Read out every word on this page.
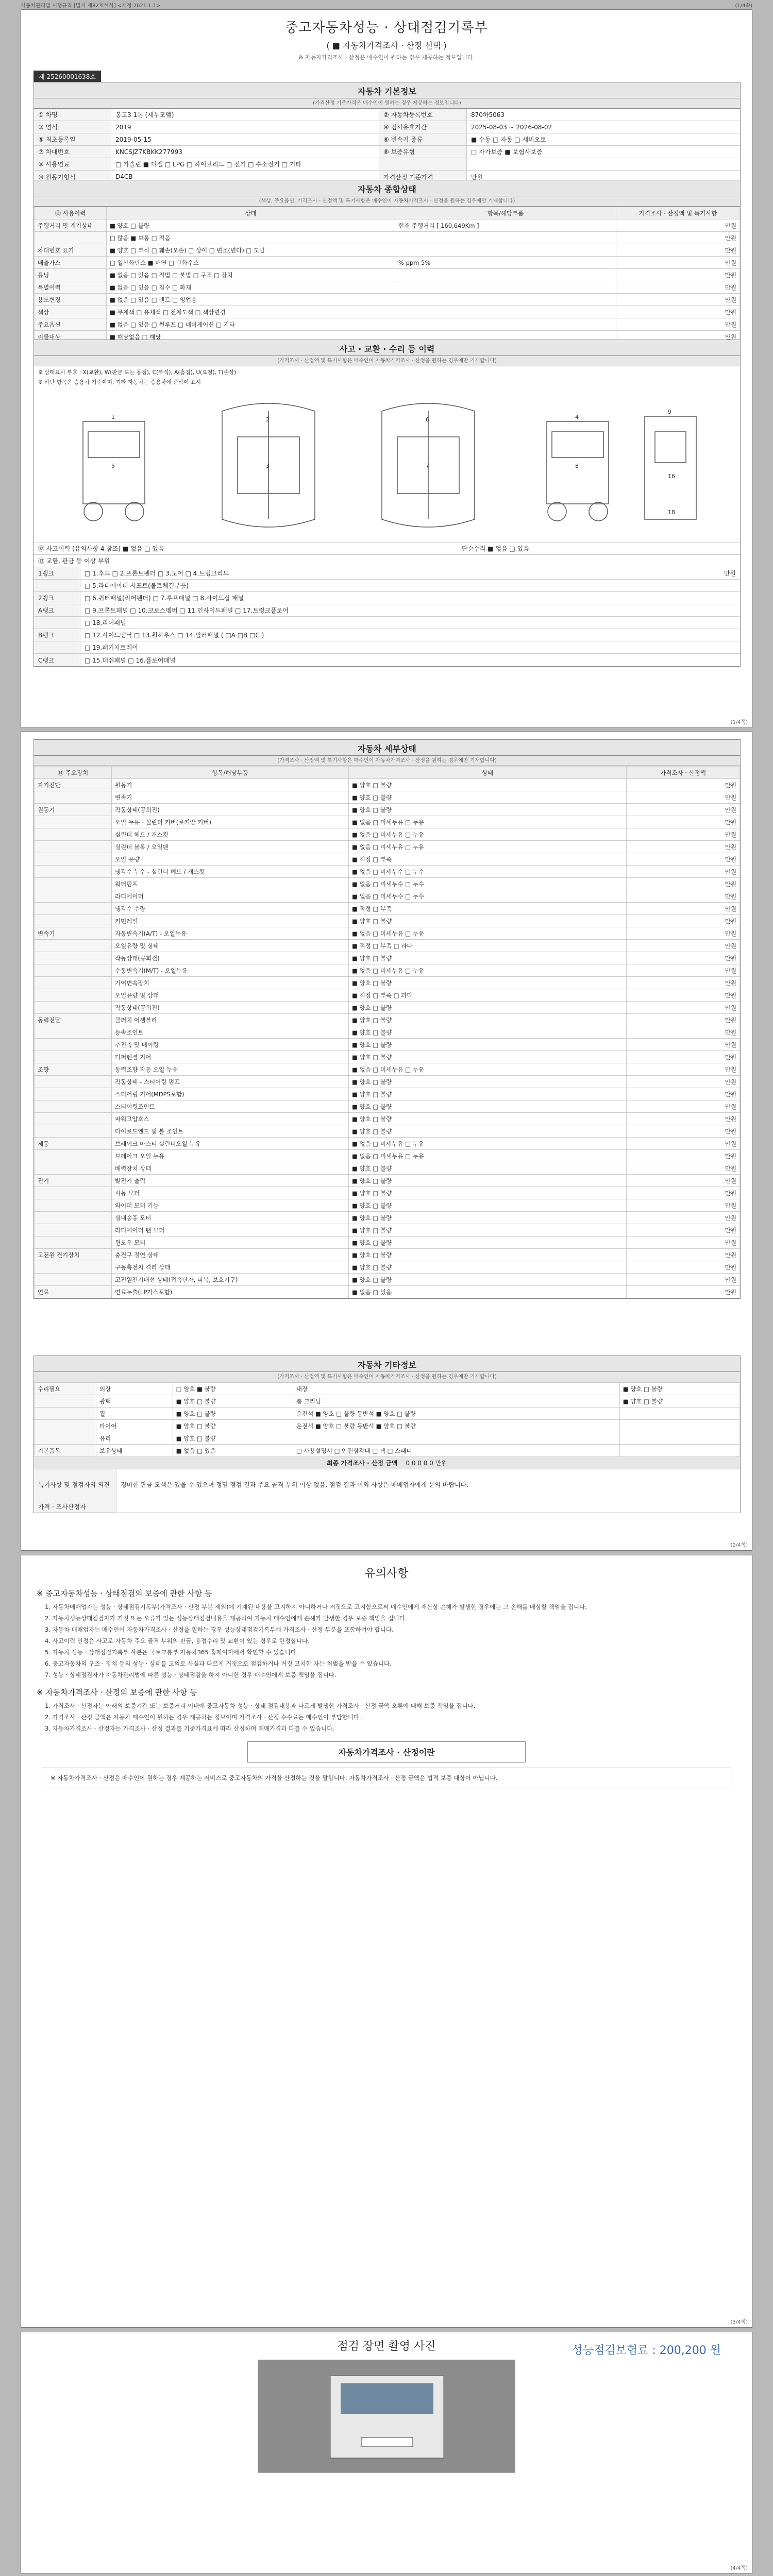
자동차관리법 시행규칙 [별지 제82호서식] <개정 2021.1.1>	(1/4쪽)
중고자동차성능 · 상태점검기록부
( ■ 자동차가격조사 · 산정 선택 )
※ 자동차가격조사 · 산정은 매수인이 원하는 경우 제공하는 정보입니다.
제 25260001638호
자동차 기본정보
(가격산정 기준가격은 매수인이 원하는 경우 제공하는 정보입니다)
① 차명	봉고3 1톤 (세부모델)	② 자동차등록번호	870하5063
③ 연식	2019	④ 검사유효기간	2025-08-03 ~ 2026-08-02
⑤ 최초등록일	2019-05-15	⑥ 변속기 종류	■ 수동 □ 자동 □ 세미오토
⑦ 차대번호	KNCSJZ7KBKK277993	⑧ 보증유형	□ 자가보증 ■ 보험사보증
⑨ 사용연료	□ 가솔린 ■ 디젤 □ LPG □ 하이브리드 □ 전기 □ 수소전기 □ 기타
⑩ 원동기형식	D4CB	가격산정 기준가격	만원
자동차 종합상태
(색상, 주요옵션, 가격조사 · 산정액 및 특기사항은 매수인이 자동차가격조사 · 산정을 원하는 경우에만 기재합니다)
⑪ 사용이력	상태	항목/해당부품	가격조사 · 산정액 및 특기사항
주행거리 및 계기상태	■ 양호 □ 불량	현재 주행거리 [ 160,649Km ]	만원
	□ 많음 ■ 보통 □ 적음		만원
차대번호 표기	■ 양호 □ 부식 □ 훼손(오손) □ 상이 □ 변조(변타) □ 도말		만원
배출가스	□ 일산화탄소 ■ 매연 □ 탄화수소	% ppm 5%	만원
튜닝	■ 없음 □ 있음 □ 적법 □ 불법 □ 구조 □ 장치		만원
특별이력	■ 없음 □ 있음 □ 침수 □ 화재		만원
용도변경	■ 없음 □ 있음 □ 렌트 □ 영업용		만원
색상	■ 무채색 □ 유채색 □ 전체도색 □ 색상변경		만원
주요옵션	■ 없음 □ 있음 □ 썬루프 □ 네비게이션 □ 기타		만원
리콜대상	■ 해당없음 □ 해당		만원
사고 · 교환 · 수리 등 이력
(가격조사 · 산정액 및 특기사항은 매수인이 자동차가격조사 · 산정을 원하는 경우에만 기재합니다)
※ 상태표시 부호 : X(교환), W(판금 또는 용접), C(부식), A(흠집), U(요철), T(손상)
※ 하단 항목은 승용차 기준이며, 기타 자동차는 승용차에 준하여 표시
1
5
2
3
6
7
4
8
9
16
18
⑫ 사고이력 (유의사항 4 참조) ■ 없음 □ 있음	단순수리 ■ 없음 □ 있음
⑬ 교환, 판금 등 이상 부위
1랭크	□ 1.후드 □ 2.프론트펜더 □ 3.도어 □ 4.트렁크리드	만원
□ 5.라디에이터 서포트(볼트체결부품)
2랭크	□ 6.쿼터패널(리어펜더) □ 7.루프패널 □ 8.사이드실 패널
A랭크	□ 9.프론트패널 □ 10.크로스멤버 □ 11.인사이드패널 □ 17.트렁크플로어
□ 18.리어패널
B랭크	□ 12.사이드멤버 □ 13.휠하우스 □ 14.필러패널 ( □A □B □C )
□ 19.패키지트레이
C랭크	□ 15.대쉬패널 □ 16.플로어패널
(1/4쪽)
자동차 세부상태
(가격조사 · 산정액 및 특기사항은 매수인이 자동차가격조사 · 산정을 원하는 경우에만 기재합니다)
⑭ 주요장치	항목/해당부품	상태	가격조사 · 산정액
자기진단	원동기	■ 양호 □ 불량	만원
	변속기	■ 양호 □ 불량	만원
원동기	작동상태(공회전)	■ 양호 □ 불량	만원
	오일 누유 - 실린더 커버(로커암 커버)	■ 없음 □ 미세누유 □ 누유	만원
	실린더 헤드 / 개스킷	■ 없음 □ 미세누유 □ 누유	만원
	실린더 블록 / 오일팬	■ 없음 □ 미세누유 □ 누유	만원
	오일 유량	■ 적정 □ 부족	만원
	냉각수 누수 - 실린더 헤드 / 개스킷	■ 없음 □ 미세누수 □ 누수	만원
	워터펌프	■ 없음 □ 미세누수 □ 누수	만원
	라디에이터	■ 없음 □ 미세누수 □ 누수	만원
	냉각수 수량	■ 적정 □ 부족	만원
	커먼레일	■ 양호 □ 불량	만원
변속기	자동변속기(A/T) - 오일누유	■ 없음 □ 미세누유 □ 누유	만원
	오일유량 및 상태	■ 적정 □ 부족 □ 과다	만원
	작동상태(공회전)	■ 양호 □ 불량	만원
	수동변속기(M/T) - 오일누유	■ 없음 □ 미세누유 □ 누유	만원
	기어변속장치	■ 양호 □ 불량	만원
	오일유량 및 상태	■ 적정 □ 부족 □ 과다	만원
	작동상태(공회전)	■ 양호 □ 불량	만원
동력전달	클러치 어셈블리	■ 양호 □ 불량	만원
	등속조인트	■ 양호 □ 불량	만원
	추진축 및 베어링	■ 양호 □ 불량	만원
	디퍼렌셜 기어	■ 양호 □ 불량	만원
조향	동력조향 작동 오일 누유	■ 없음 □ 미세누유 □ 누유	만원
	작동상태 - 스티어링 펌프	■ 양호 □ 불량	만원
	스티어링 기어(MDPS포함)	■ 양호 □ 불량	만원
	스티어링조인트	■ 양호 □ 불량	만원
	파워고압호스	■ 양호 □ 불량	만원
	타이로드엔드 및 볼 조인트	■ 양호 □ 불량	만원
제동	브레이크 마스터 실린더오일 누유	■ 없음 □ 미세누유 □ 누유	만원
	브레이크 오일 누유	■ 없음 □ 미세누유 □ 누유	만원
	배력장치 상태	■ 양호 □ 불량	만원
전기	발전기 출력	■ 양호 □ 불량	만원
	시동 모터	■ 양호 □ 불량	만원
	와이퍼 모터 기능	■ 양호 □ 불량	만원
	실내송풍 모터	■ 양호 □ 불량	만원
	라디에이터 팬 모터	■ 양호 □ 불량	만원
	윈도우 모터	■ 양호 □ 불량	만원
고전원 전기장치	충전구 절연 상태	■ 양호 □ 불량	만원
	구동축전지 격리 상태	■ 양호 □ 불량	만원
	고전원전기배선 상태(접속단자, 피복, 보호기구)	■ 양호 □ 불량	만원
연료	연료누출(LP가스포함)	■ 없음 □ 있음	만원
자동차 기타정보
(가격조사 · 산정액 및 특기사항은 매수인이 자동차가격조사 · 산정을 원하는 경우에만 기재합니다)
수리필요	외장	□ 양호 ■ 불량	내장	■ 양호 □ 불량
	광택	■ 양호 □ 불량	룸 크리닝	■ 양호 □ 불량
	휠	■ 양호 □ 불량	운전석 ■ 양호 □ 불량 동반석 ■ 양호 □ 불량	
	타이어	■ 양호 □ 불량	운전석 ■ 양호 □ 불량 동반석 ■ 양호 □ 불량	
	유리	■ 양호 □ 불량		
기본품목	보유상태	■ 없음 □ 있음	□ 사용설명서 □ 안전삼각대 □ 잭 □ 스패너	
최종 가격조사 · 산정 금액	0 0 0 0 0 만원
특기사항 및 점검자의 의견	경미한 판금 도색은 있을 수 있으며 정밀 점검 결과 주요 골격 부위 이상 없음. 점검 결과 이외 사항은 매매업자에게 문의 바랍니다.
가격 · 조사산정자
(2/4쪽)
유의사항
※ 중고자동차성능 · 상태점검의 보증에 관한 사항 등
1. 자동차매매업자는 성능 · 상태점검기록부(가격조사 · 산정 부분 제외)에 기재된 내용을 고지하지 아니하거나 거짓으로 고지함으로써 매수인에게 재산상 손해가 발생한 경우에는 그 손해를 배상할 책임을 집니다.
2. 자동차성능상태점검자가 거짓 또는 오류가 있는 성능상태점검내용을 제공하여 자동차 매수인에게 손해가 발생한 경우 보증 책임을 집니다.
3. 자동차 매매업자는 매수인이 자동차가격조사 · 산정을 원하는 경우 성능상태점검기록부에 가격조사 · 산정 부분을 포함하여야 합니다.
4. 사고이력 인정은 사고로 자동차 주요 골격 부위의 판금, 용접수리 및 교환이 있는 경우로 한정합니다.
5. 자동차 성능 · 상태점검기록부 사본은 국토교통부 자동차365 홈페이지에서 확인할 수 있습니다.
6. 중고자동차의 구조 · 장치 등의 성능 · 상태를 고의로 사실과 다르게 거짓으로 점검하거나 거짓 고지한 자는 처벌을 받을 수 있습니다.
7. 성능 · 상태점검자가 자동차관리법에 따른 성능 · 상태점검을 하지 아니한 경우 매수인에게 보증 책임을 집니다.
※ 자동차가격조사 · 산정의 보증에 관한 사항 등
1. 가격조사 · 산정자는 아래의 보증기간 또는 보증거리 이내에 중고자동차 성능 · 상태 점검내용과 다르게 발생한 가격조사 · 산정 금액 오류에 대해 보증 책임을 집니다.
2. 가격조사 · 산정 금액은 자동차 매수인이 원하는 경우 제공하는 정보이며 가격조사 · 산정 수수료는 매수인이 부담합니다.
3. 자동차가격조사 · 산정자는 가격조사 · 산정 결과를 기준가격표에 따라 산정하며 매매가격과 다를 수 있습니다.
자동차가격조사 · 산정이란
※ 자동차가격조사 · 산정은 매수인이 원하는 경우 제공하는 서비스로 중고자동차의 가격을 산정하는 것을 말합니다. 자동차가격조사 · 산정 금액은 법적 보증 대상이 아닙니다.
(3/4쪽)
점검 장면 촬영 사진	성능점검보험료 : 200,200 원
(4/4쪽)
